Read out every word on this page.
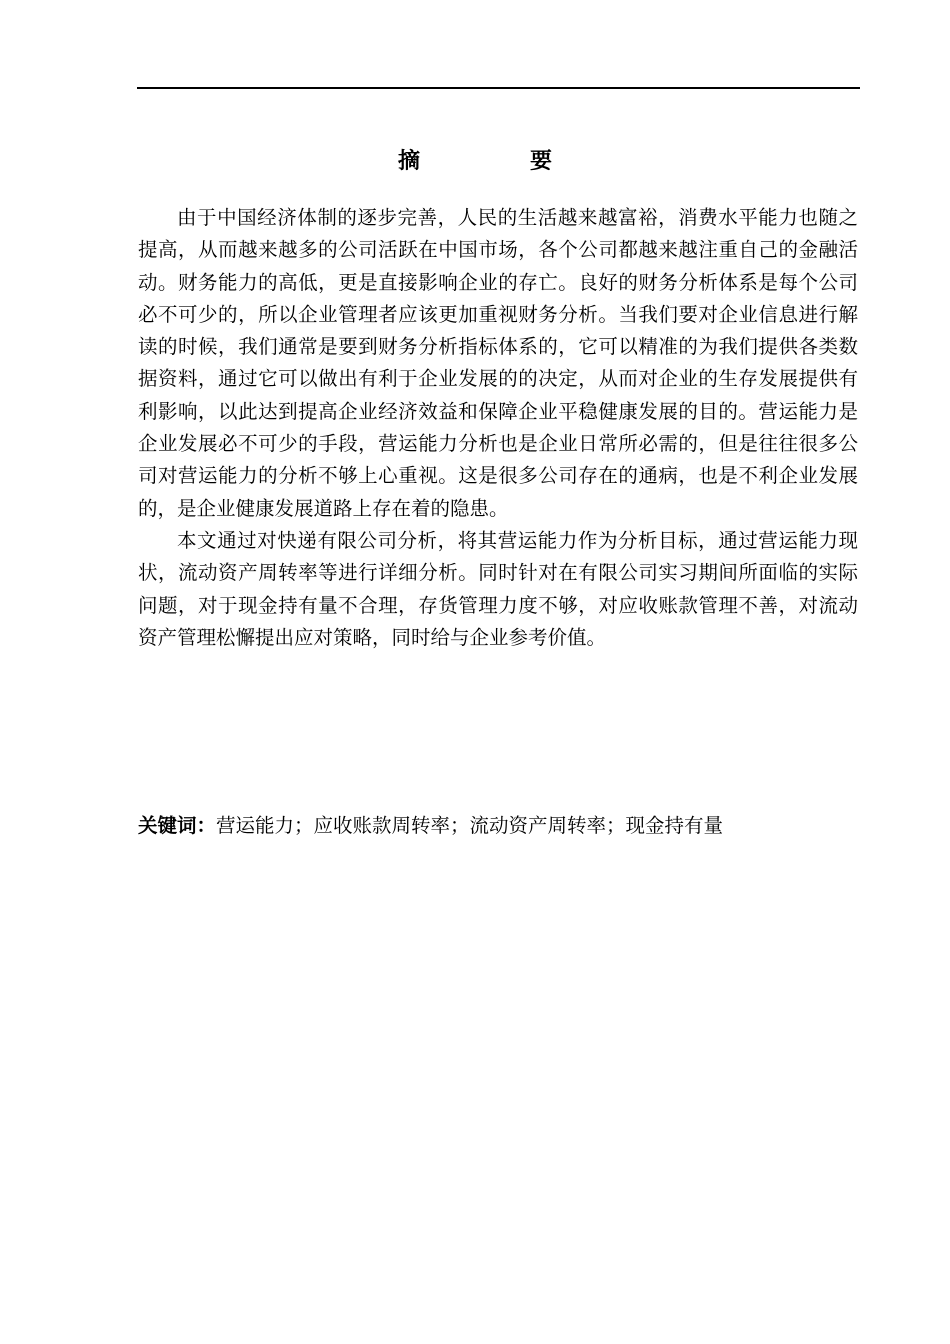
摘	要

由于中国经济体制的逐步完善，人民的生活越来越富裕，消费水平能力也随之提高，从而越来越多的公司活跃在中国市场，各个公司都越来越注重自己的金融活动。财务能力的高低，更是直接影响企业的存亡。良好的财务分析体系是每个公司必不可少的，所以企业管理者应该更加重视财务分析。当我们要对企业信息进行解读的时候，我们通常是要到财务分析指标体系的，它可以精准的为我们提供各类数据资料，通过它可以做出有利于企业发展的的决定，从而对企业的生存发展提供有利影响，以此达到提高企业经济效益和保障企业平稳健康发展的目的。营运能力是企业发展必不可少的手段，营运能力分析也是企业日常所必需的，但是往往很多公司对营运能力的分析不够上心重视。这是很多公司存在的通病，也是不利企业发展的，是企业健康发展道路上存在着的隐患。

本文通过对快递有限公司分析，将其营运能力作为分析目标，通过营运能力现状，流动资产周转率等进行详细分析。同时针对在有限公司实习期间所面临的实际问题，对于现金持有量不合理，存货管理力度不够，对应收账款管理不善，对流动资产管理松懈提出应对策略，同时给与企业参考价值。

关键词：营运能力；应收账款周转率；流动资产周转率；现金持有量
